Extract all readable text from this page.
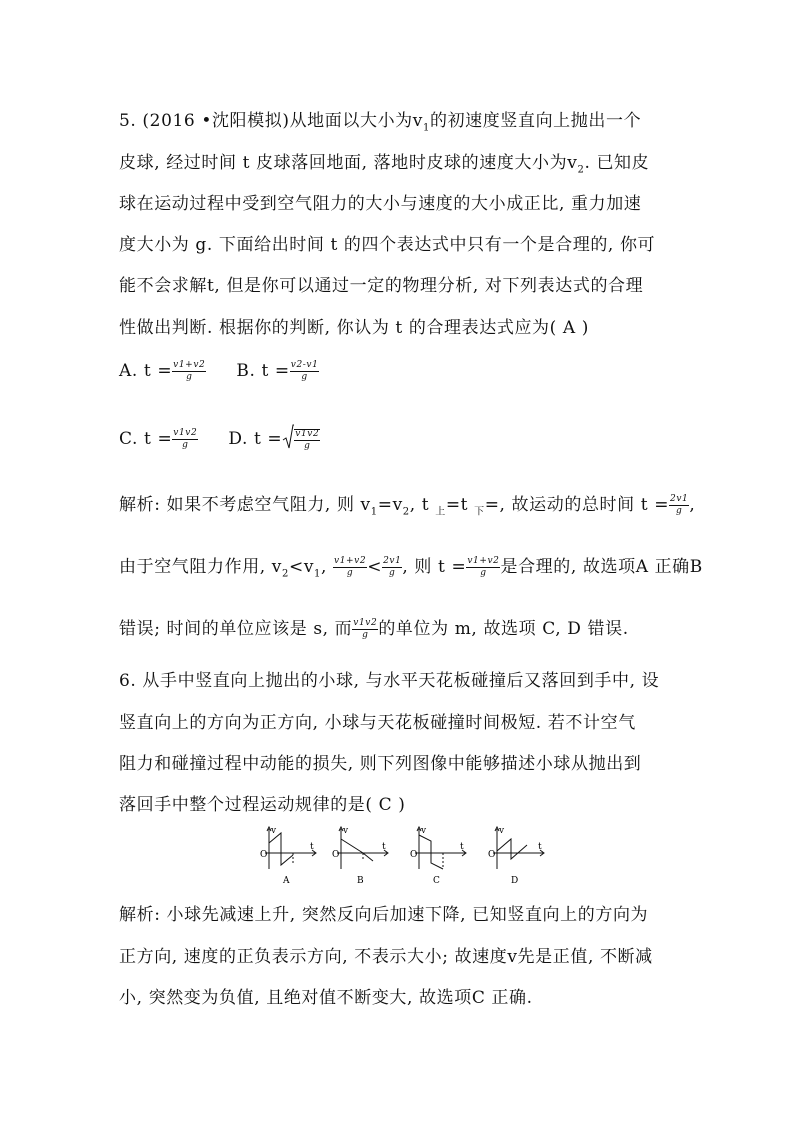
5. (2016 •沈阳模拟)从地面以大小为$v_1$的初速度竖直向上抛出一个
皮球, 经过时间 t 皮球落回地面, 落地时皮球的速度大小为$v_2$. 已知皮
球在运动过程中受到空气阻力的大小与速度的大小成正比, 重力加速
度大小为 g. 下面给出时间 t 的四个表达式中只有一个是合理的, 你可
能不会求解t, 但是你可以通过一定的物理分析, 对下列表达式的合理
性做出判断. 根据你的判断, 你认为 t 的合理表达式应为( A )
A. $t = \frac{v1+v2}{g} B$. $t = \frac{v2-v1}{g}$
C. $t = \frac{v1v2}{g} D$. $t = \frac{v1v2}{g}$
解析: 如果不考虑空气阻力, 则 $v_1=v_2$, t $_上$=t $_下$=, 故运动的总时间 $t = \frac{2v1}{g}$ ,
由于空气阻力作用, $v_2<v_1$, $\frac{v1+v2}{g} < \frac{2v1}{g}$ , 则 $t = \frac{v1+v2}{g}$ 是合理的, 故选项A 正确B
错误; 时间的单位应该是 s, 而 $\frac{v1v2}{g}$ 的单位为 m, 故选项 C, D 错误.
6. 从手中竖直向上抛出的小球, 与水平天花板碰撞后又落回到手中, 设
竖直向上的方向为正方向, 小球与天花板碰撞时间极短. 若不计空气
阻力和碰撞过程中动能的损失, 则下列图像中能够描述小球从抛出到
落回手中整个过程运动规律的是( C )
v
t
O
A
v
t
O
B
v
t
O
C
v
t
O
D
解析: 小球先减速上升, 突然反向后加速下降, 已知竖直向上的方向为
正方向, 速度的正负表示方向, 不表示大小; 故速度v先是正值, 不断减
小, 突然变为负值, 且绝对值不断变大, 故选项C 正确.
